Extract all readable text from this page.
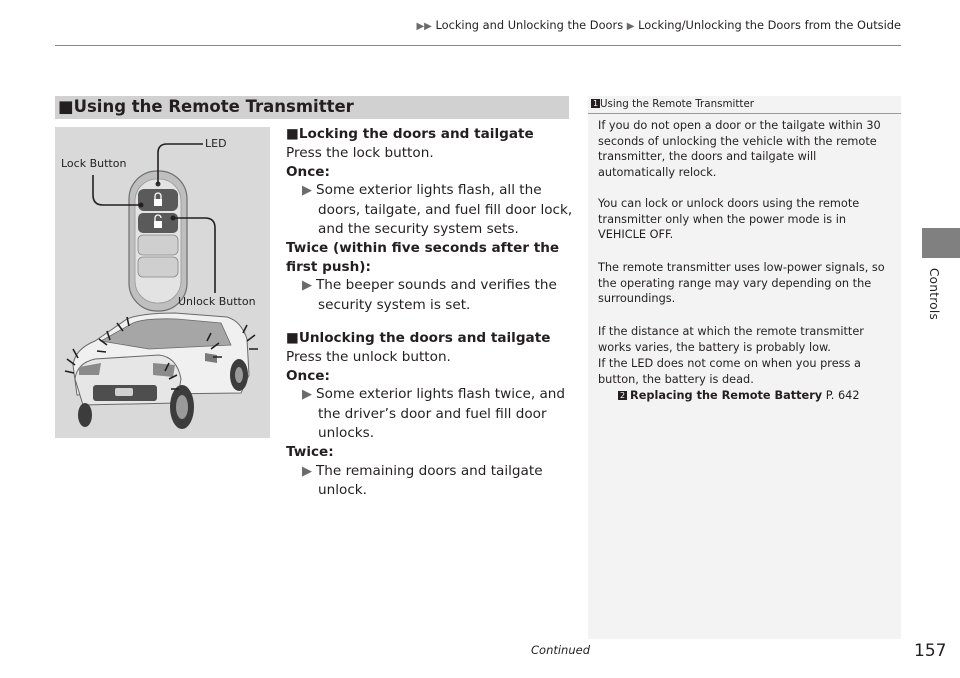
▶▶ Locking and Unlocking the Doors ▶ Locking/Unlocking the Doors from the Outside
Controls
■Using the Remote Transmitter
LED
Lock Button
Unlock Button
■Locking the doors and tailgate
Press the lock button.
Once:
▶ Some exterior lights flash, all the doors, tailgate, and fuel fill door lock, and the security system sets.
Twice (within five seconds after the first push):
▶ The beeper sounds and verifies the security system is set.
■Unlocking the doors and tailgate
Press the unlock button.
Once:
▶ Some exterior lights flash twice, and the driver’s door and fuel fill door unlocks.
Twice:
▶ The remaining doors and tailgate unlock.
1 Using the Remote Transmitter
If you do not open a door or the tailgate within 30 seconds of unlocking the vehicle with the remote transmitter, the doors and tailgate will automatically relock.
You can lock or unlock doors using the remote transmitter only when the power mode is in VEHICLE OFF.
The remote transmitter uses low-power signals, so the operating range may vary depending on the surroundings.
If the distance at which the remote transmitter works varies, the battery is probably low.
If the LED does not come on when you press a button, the battery is dead.
2 Replacing the Remote Battery P. 642
Continued	157
